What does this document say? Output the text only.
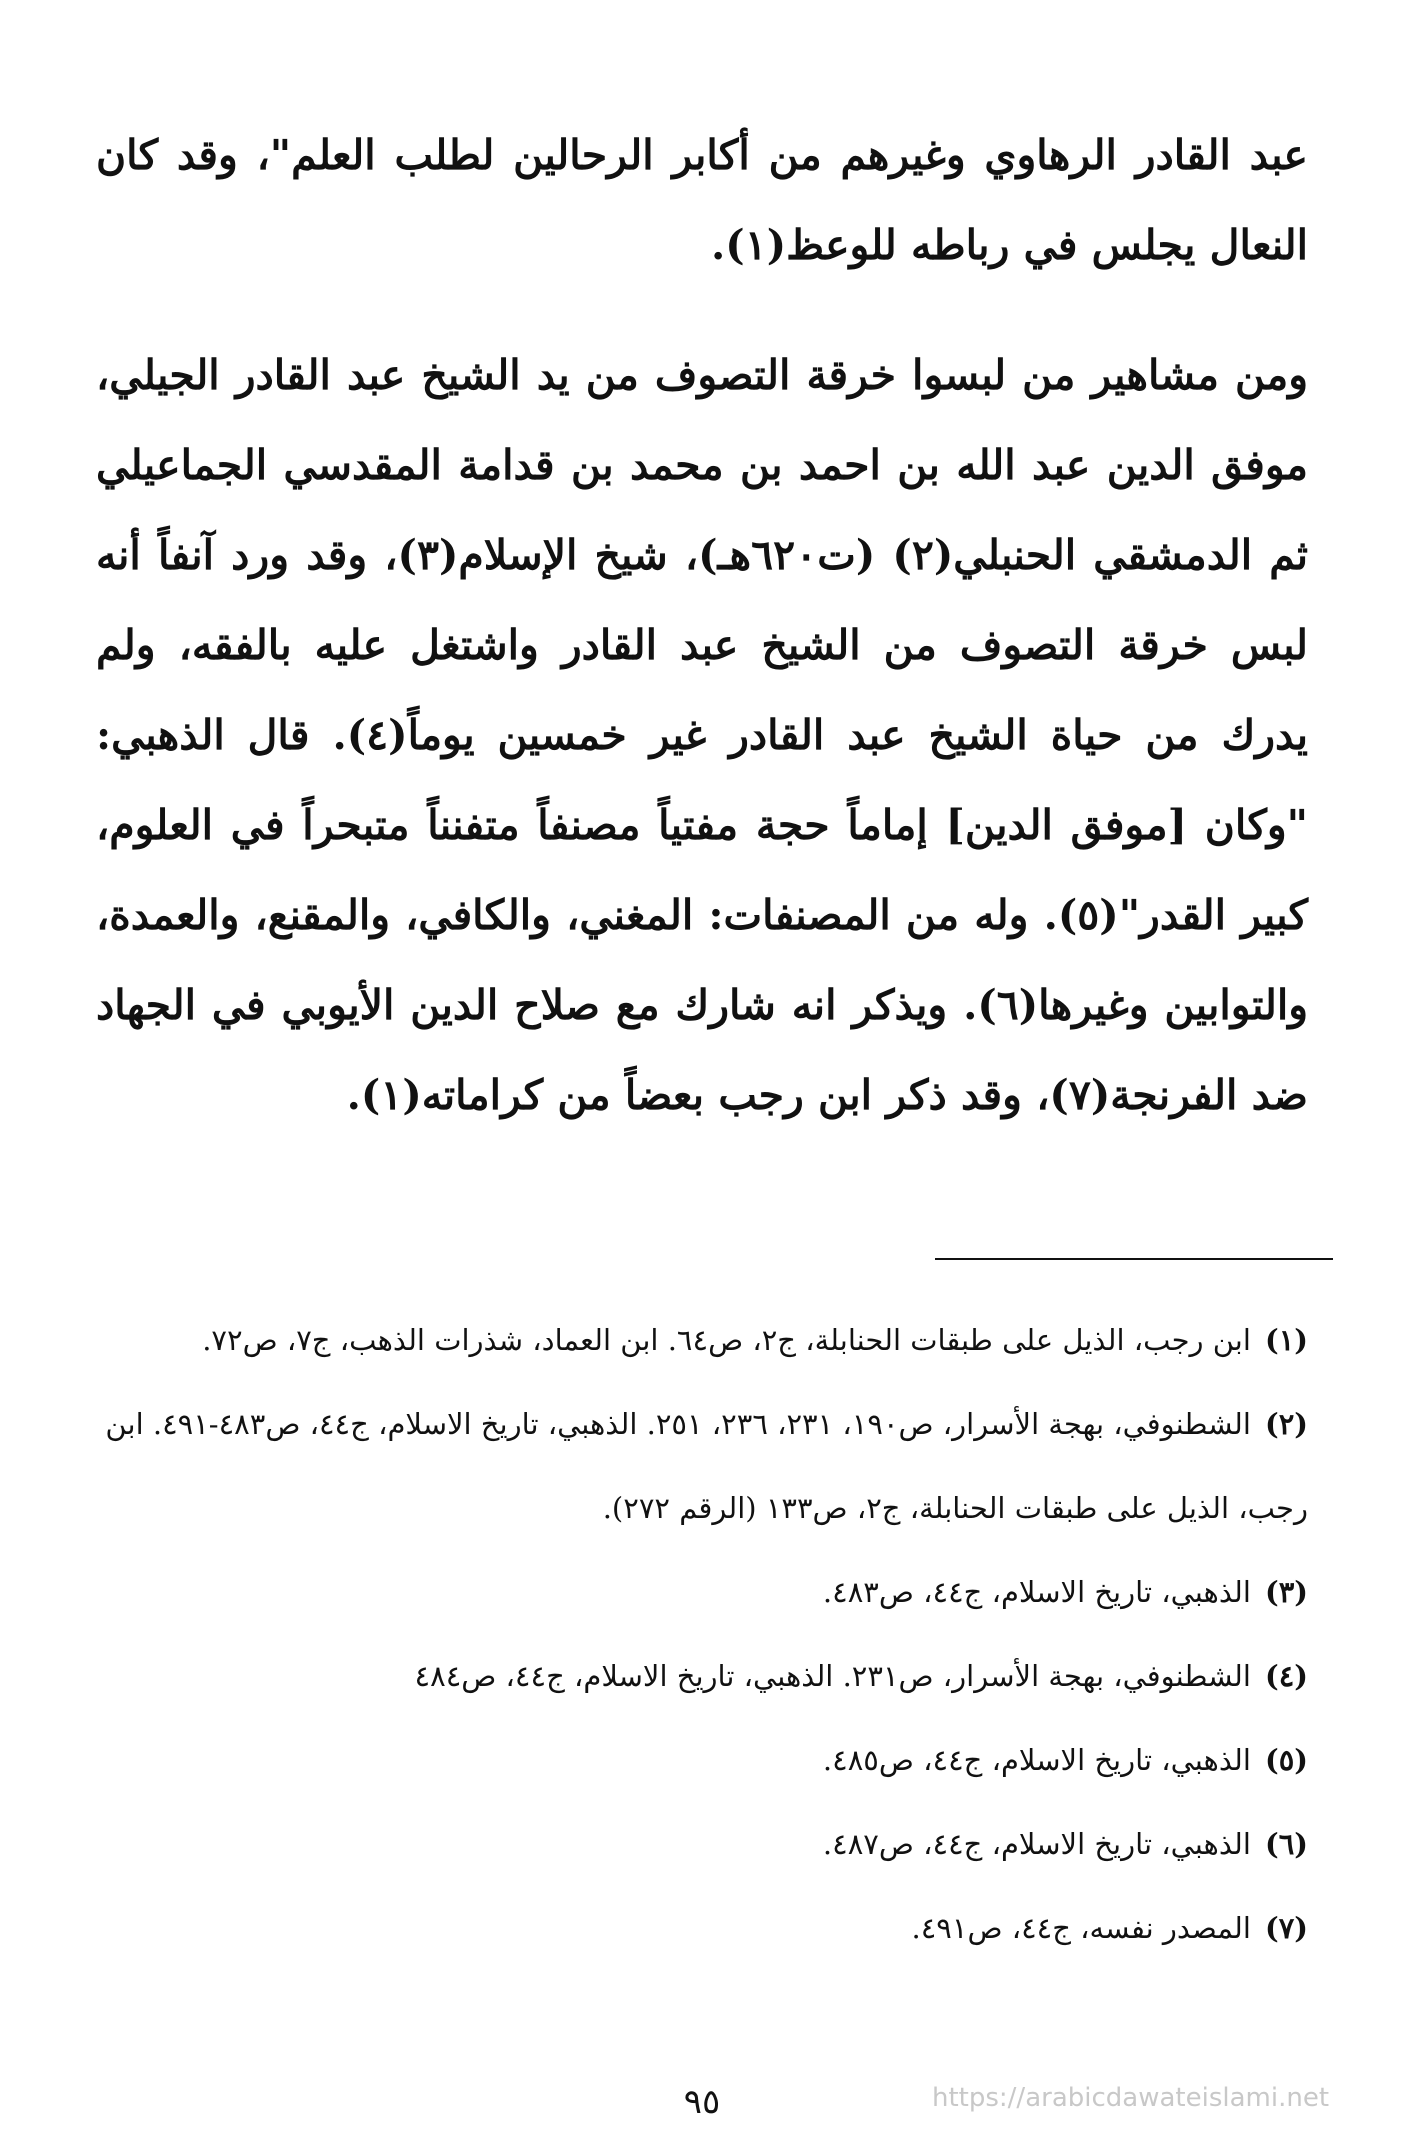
عبد القادر الرهاوي وغيرهم من أكابر الرحالين لطلب العلم"، وقد كان النعال يجلس في رباطه للوعظ(١).

ومن مشاهير من لبسوا خرقة التصوف من يد الشيخ عبد القادر الجيلي، موفق الدين عبد الله بن احمد بن محمد بن قدامة المقدسي الجماعيلي ثم الدمشقي الحنبلي(٢) (ت٦٢٠هـ)، شيخ الإسلام(٣)، وقد ورد آنفاً أنه لبس خرقة التصوف من الشيخ عبد القادر واشتغل عليه بالفقه، ولم يدرك من حياة الشيخ عبد القادر غير خمسين يوماً(٤). قال الذهبي: "وكان [موفق الدين] إماماً حجة مفتياً مصنفاً متفنناً متبحراً في العلوم، كبير القدر"(٥). وله من المصنفات: المغني، والكافي، والمقنع، والعمدة، والتوابين وغيرها(٦). ويذكر انه شارك مع صلاح الدين الأيوبي في الجهاد ضد الفرنجة(٧)، وقد ذكر ابن رجب بعضاً من كراماته(١).

(١)ابن رجب، الذيل على طبقات الحنابلة، ج٢، ص٦٤. ابن العماد، شذرات الذهب، ج٧، ص٧٢.

(٢)الشطنوفي، بهجة الأسرار، ص١٩٠، ٢٣١، ٢٣٦، ٢٥١. الذهبي، تاريخ الاسلام، ج٤٤، ص٤٨٣-٤٩١. ابن رجب، الذيل على طبقات الحنابلة، ج٢، ص١٣٣ (الرقم ٢٧٢).

(٣)الذهبي، تاريخ الاسلام، ج٤٤، ص٤٨٣.

(٤)الشطنوفي، بهجة الأسرار، ص٢٣١. الذهبي، تاريخ الاسلام، ج٤٤، ص٤٨٤

(٥)الذهبي، تاريخ الاسلام، ج٤٤، ص٤٨٥.

(٦)الذهبي، تاريخ الاسلام، ج٤٤، ص٤٨٧.

(٧)المصدر نفسه، ج٤٤، ص٤٩١.

٩٥	https://arabicdawateislami.net
